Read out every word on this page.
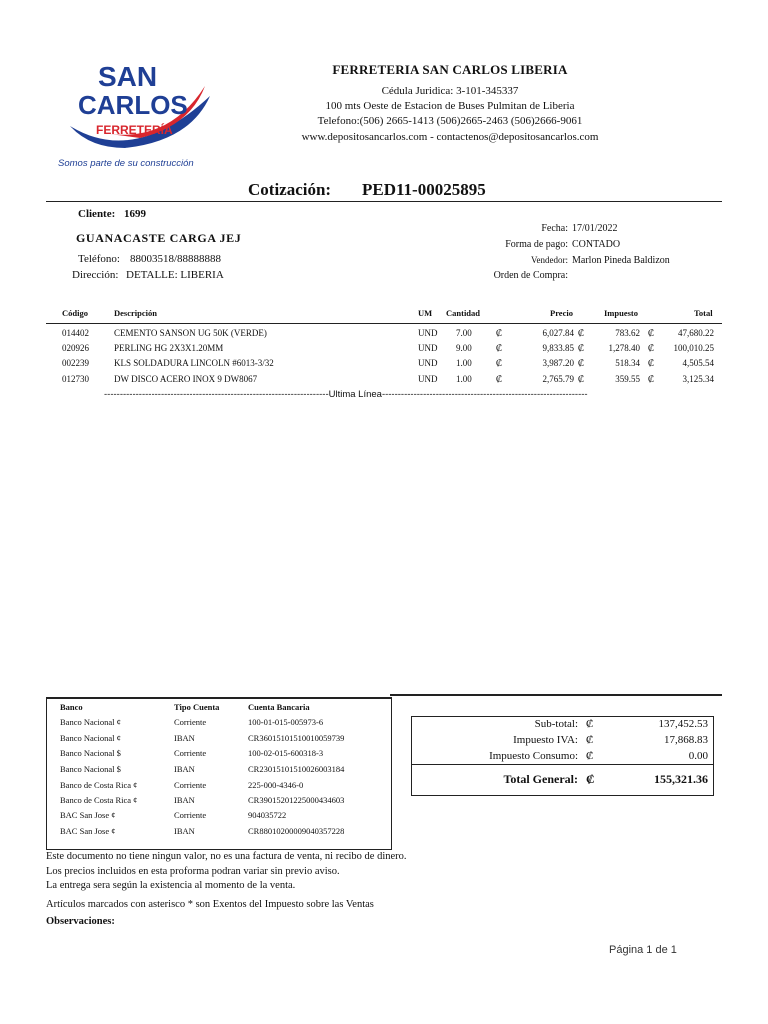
SAN
CARLOS
FERRETERÍA
Somos parte de su construcción
FERRETERIA SAN CARLOS LIBERIA
Cédula Juridica: 3-101-345337
100 mts Oeste de Estacion de Buses Pulmitan de Liberia
Telefono:(506) 2665-1413 (506)2665-2463 (506)2666-9061
www.depositosancarlos.com - contactenos@depositosancarlos.com
Cotización: PED11-00025895
Cliente: 1699
GUANACASTE CARGA JEJ
Teléfono: 88003518/88888888
Dirección: DETALLE: LIBERIA
Fecha: 17/01/2022
Forma de pago: CONTADO
Vendedor: Marlon Pineda Baldizon
Orden de Compra:
Código	Descripción	UM Cantidad	Precio	Impuesto	Total
014402	CEMENTO SANSON UG 50K (VERDE)	UND 7.00	₡	6,027.84 ₡	783.62 ₡	47,680.22
020926	PERLING HG 2X3X1.20MM	UND 9.00	₡	9,833.85 ₡	1,278.40 ₡	100,010.25
002239	KLS SOLDADURA LINCOLN #6013-3/32	UND 1.00	₡	3,987.20 ₡	518.34 ₡	4,505.54
012730	DW DISCO ACERO INOX 9 DW8067	UND 1.00	₡	2,765.79 ₡	359.55 ₡	3,125.34
-----------------------------------------------------------------------Ultima Línea-----------------------------------------------------------------
Banco	Tipo Cuenta	Cuenta Bancaria
Banco Nacional ¢	Corriente	100-01-015-005973-6
Banco Nacional ¢	IBAN	CR36015101510010059739
Banco Nacional $	Corriente	100-02-015-600318-3
Banco Nacional $	IBAN	CR23015101510026003184
Banco de Costa Rica ¢	Corriente	225-000-4346-0
Banco de Costa Rica ¢	IBAN	CR39015201225000434603
BAC San Jose ¢	Corriente	904035722
BAC San Jose ¢	IBAN	CR88010200009040357228
Sub-total: ₡	137,452.53
Impuesto IVA: ₡	17,868.83
Impuesto Consumo: ₡	0.00
Total General: ₡	155,321.36
Este documento no tiene ningun valor, no es una factura de venta, ni recibo de dinero.
Los precios incluidos en esta proforma podran variar sin previo aviso.
La entrega sera según la existencia al momento de la venta.
Artículos marcados con asterisco * son Exentos del Impuesto sobre las Ventas
Observaciones:
Página 1 de 1
